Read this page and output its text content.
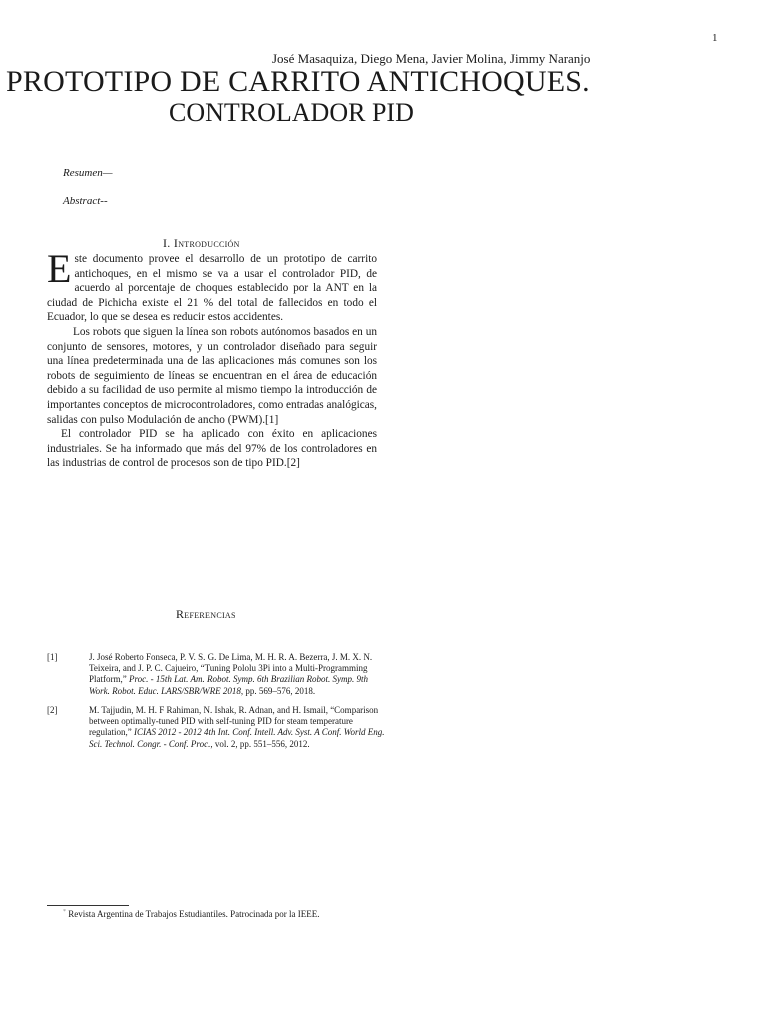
1
José Masaquiza, Diego Mena, Javier Molina, Jimmy Naranjo
PROTOTIPO DE CARRITO ANTICHOQUES.
CONTROLADOR PID
Resumen—
Abstract--
I. Introducción

Este documento provee el desarrollo de un prototipo de carrito antichoques, en el mismo se va a usar el controlador PID, de acuerdo al porcentaje de choques establecido por la ANT en la ciudad de Pichicha existe el 21 % del total de fallecidos en todo el Ecuador, lo que se desea es reducir estos accidentes.

Los robots que siguen la línea son robots autónomos basados en un conjunto de sensores, motores, y un controlador diseñado para seguir una línea predeterminada una de las aplicaciones más comunes son los robots de seguimiento de líneas se encuentran en el área de educación debido a su facilidad de uso permite al mismo tiempo la introducción de importantes conceptos de microcontroladores, como entradas analógicas, salidas con pulso Modulación de ancho (PWM).[1]

El controlador PID se ha aplicado con éxito en aplicaciones industriales. Se ha informado que más del 97% de los controladores en las industrias de control de procesos son de tipo PID.[2]

Referencias
[1]	J. José Roberto Fonseca, P. V. S. G. De Lima, M. H. R. A. Bezerra, J. M. X. N. Teixeira, and J. P. C. Cajueiro, “Tuning Pololu 3Pi into a Multi-Programming Platform,” Proc. - 15th Lat. Am. Robot. Symp. 6th Brazilian Robot. Symp. 9th Work. Robot. Educ. LARS/SBR/WRE 2018, pp. 569–576, 2018.
[2]	M. Tajjudin, M. H. F Rahiman, N. Ishak, R. Adnan, and H. Ismail, “Comparison between optimally-tuned PID with self-tuning PID for steam temperature regulation,” ICIAS 2012 - 2012 4th Int. Conf. Intell. Adv. Syst. A Conf. World Eng. Sci. Technol. Congr. - Conf. Proc., vol. 2, pp. 551–556, 2012.
* Revista Argentina de Trabajos Estudiantiles. Patrocinada por la IEEE.
